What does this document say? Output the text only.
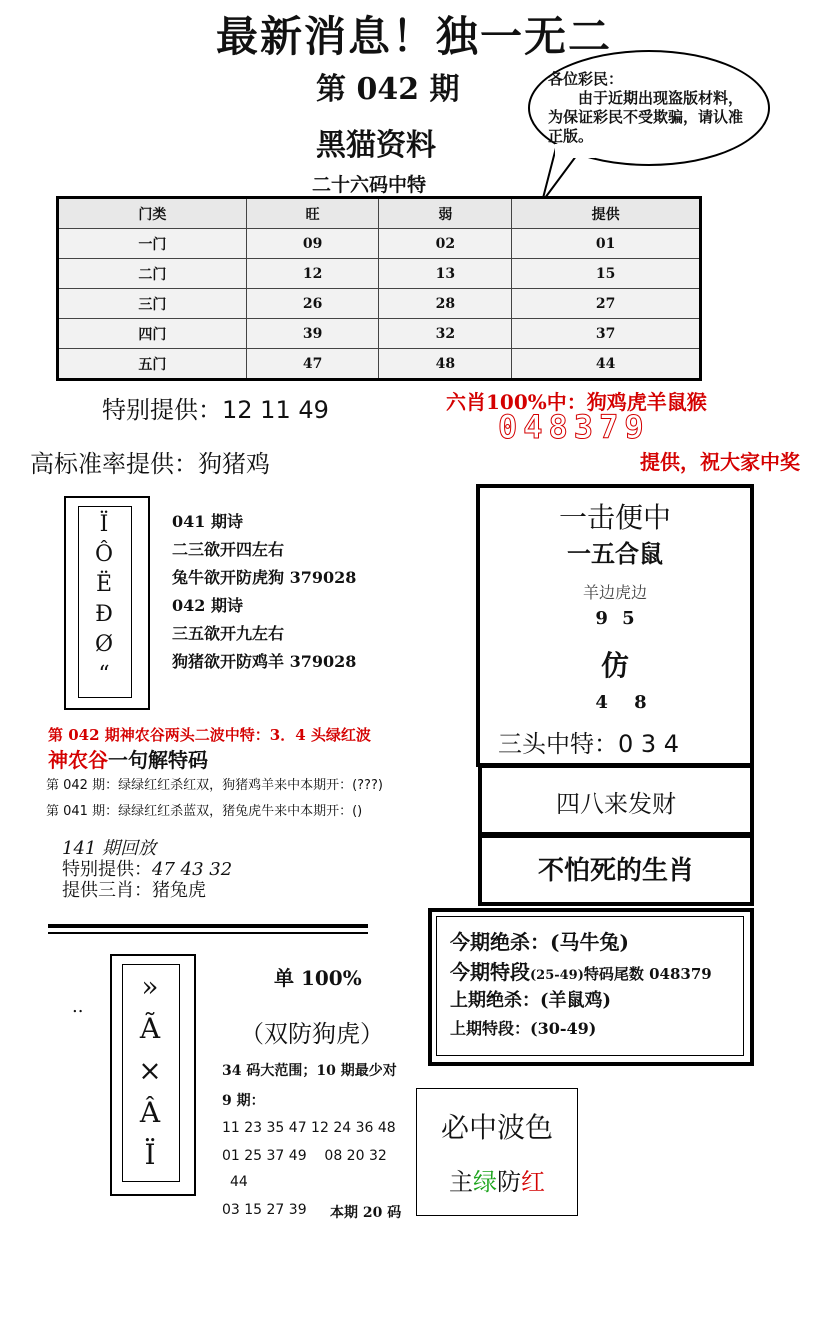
最新消息！独一无二
第 042 期
黑猫资料
二十六码中特
各位彩民：
由于近期出现盗版材料，为保证彩民不受欺骗，请认准正版。
门类	旺	弱	提供
一门	09	02	01
二门	12	13	15
三门	26	28	27
四门	39	32	37
五门	47	48	44
特别提供：12 11 49
高标准率提供：狗猪鸡
六肖100%中：狗鸡虎羊鼠猴
048379
提供，祝大家中奖
Ï
Ô
Ë
Ð
Ø
“
041 期诗
二三欲开四左右
兔牛欲开防虎狗 379028
042 期诗
三五欲开九左右
狗猪欲开防鸡羊 379028
一击便中
一五合鼠
羊边虎边
9 5
仿
4 8
三头中特：0 3 4
四八来发财
不怕死的生肖
第 042 期神农谷两头二波中特：3．4 头绿红波
神农谷一句解特码
第 042 期：绿绿红红杀红双，狗猪鸡羊来中本期开：(???)
第 041 期：绿绿红红杀蓝双，猪兔虎牛来中本期开：()
141 期回放
特别提供：47 43 32
提供三肖：猪兔虎
今期绝杀：(马牛兔)
今期特段(25-49)特码尾数 048379
上期绝杀：(羊鼠鸡)
上期特段：(30-49)
..
»
Ã
×
Â
Ï
单 100%
（双防狗虎）
34 码大范围；10 期最少对
9 期：
11 23 35 47 12 24 36 48
01 25 37 49    08 20 32
44
03 15 27 39 本期 20 码
必中波色
主绿防红
